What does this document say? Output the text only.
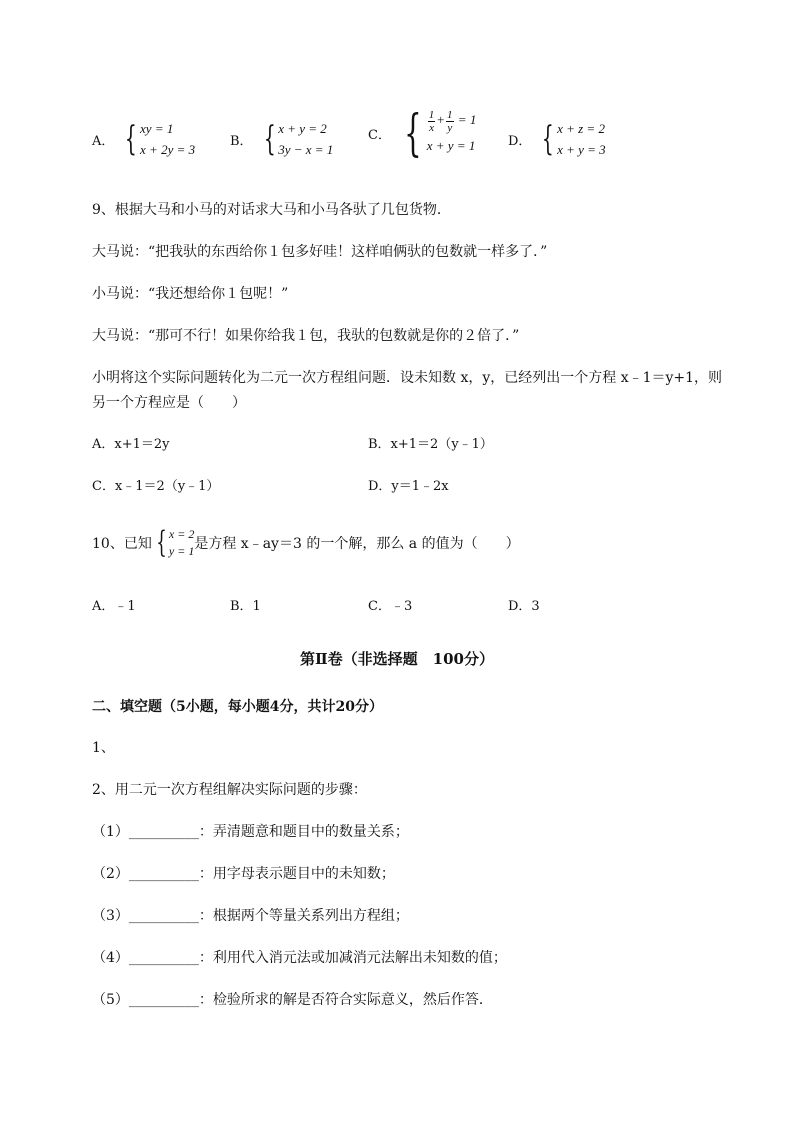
A． { xy = 1
x + 2y = 3
B． { x + y = 2
3y − x = 1
C． { $\frac{1}{x} + \frac{1}{y} = 1$
x + y = 1	D． { x + z = 2
x + y = 3
9、根据大马和小马的对话求大马和小马各驮了几包货物．
大马说：“把我驮的东西给你１包多好哇！这样咱俩驮的包数就一样多了．”
小马说：“我还想给你１包呢！”
大马说：“那可不行！如果你给我１包，我驮的包数就是你的２倍了．”
小明将这个实际问题转化为二元一次方程组问题．设未知数 x，y，已经列出一个方程 x﹣1＝y+1，则
另一个方程应是（　　）
A．x+1＝2y	B．x+1＝2（y﹣1）
C．x﹣1＝2（y﹣1）	D．y＝1﹣2x
10、已知 { x = 2
y = 1 是方程 x﹣ay＝3 的一个解，那么 a 的值为（　　）
A．﹣1	B．1	C．﹣3	D．3
第Ⅱ卷（非选择题　100分）
二、填空题（5小题，每小题4分，共计20分）
1、
2、用二元一次方程组解决实际问题的步骤：
（1）__________：弄清题意和题目中的数量关系；
（2）__________：用字母表示题目中的未知数；
（3）__________：根据两个等量关系列出方程组；
（4）__________：利用代入消元法或加减消元法解出未知数的值；
（5）__________：检验所求的解是否符合实际意义，然后作答．
